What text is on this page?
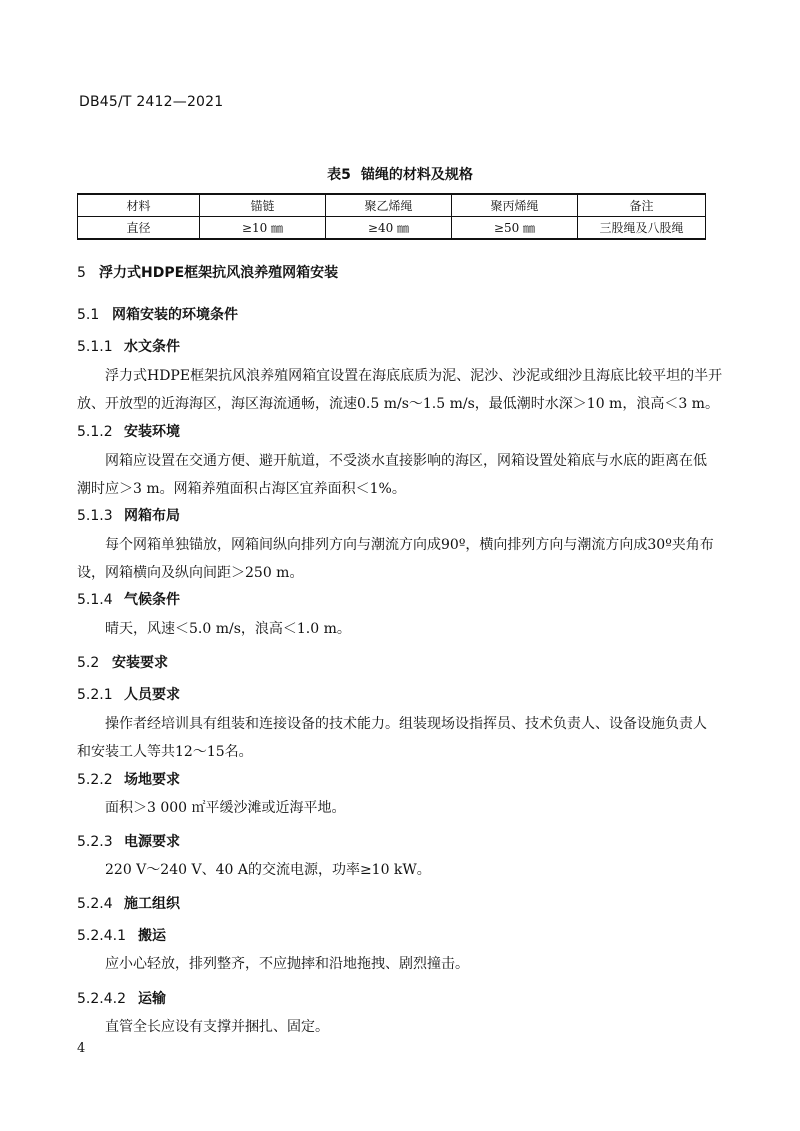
DB45/T 2412—2021
表5 锚绳的材料及规格
材料	锚链	聚乙烯绳	聚丙烯绳	备注
直径	≥10 ㎜	≥40 ㎜	≥50 ㎜	三股绳及八股绳
5 浮力式HDPE框架抗风浪养殖网箱安装
5.1 网箱安装的环境条件
5.1.1 水文条件
浮力式HDPE框架抗风浪养殖网箱宜设置在海底底质为泥、泥沙、沙泥或细沙且海底比较平坦的半开
放、开放型的近海海区，海区海流通畅，流速0.5 m/s～1.5 m/s，最低潮时水深＞10 m，浪高＜3 m。
5.1.2 安装环境
网箱应设置在交通方便、避开航道，不受淡水直接影响的海区，网箱设置处箱底与水底的距离在低
潮时应＞3 m。网箱养殖面积占海区宜养面积＜1%。
5.1.3 网箱布局
每个网箱单独锚放，网箱间纵向排列方向与潮流方向成90º，横向排列方向与潮流方向成30º夹角布
设，网箱横向及纵向间距＞250 m。
5.1.4 气候条件
晴天，风速＜5.0 m/s，浪高＜1.0 m。
5.2 安装要求
5.2.1 人员要求
操作者经培训具有组装和连接设备的技术能力。组装现场设指挥员、技术负责人、设备设施负责人
和安装工人等共12～15名。
5.2.2 场地要求
面积＞3 000 ㎡平缓沙滩或近海平地。
5.2.3 电源要求
220 V～240 V、40 A的交流电源，功率≥10 kW。
5.2.4 施工组织
5.2.4.1 搬运
应小心轻放，排列整齐，不应抛摔和沿地拖拽、剧烈撞击。
5.2.4.2 运输
直管全长应设有支撑并捆扎、固定。
4
